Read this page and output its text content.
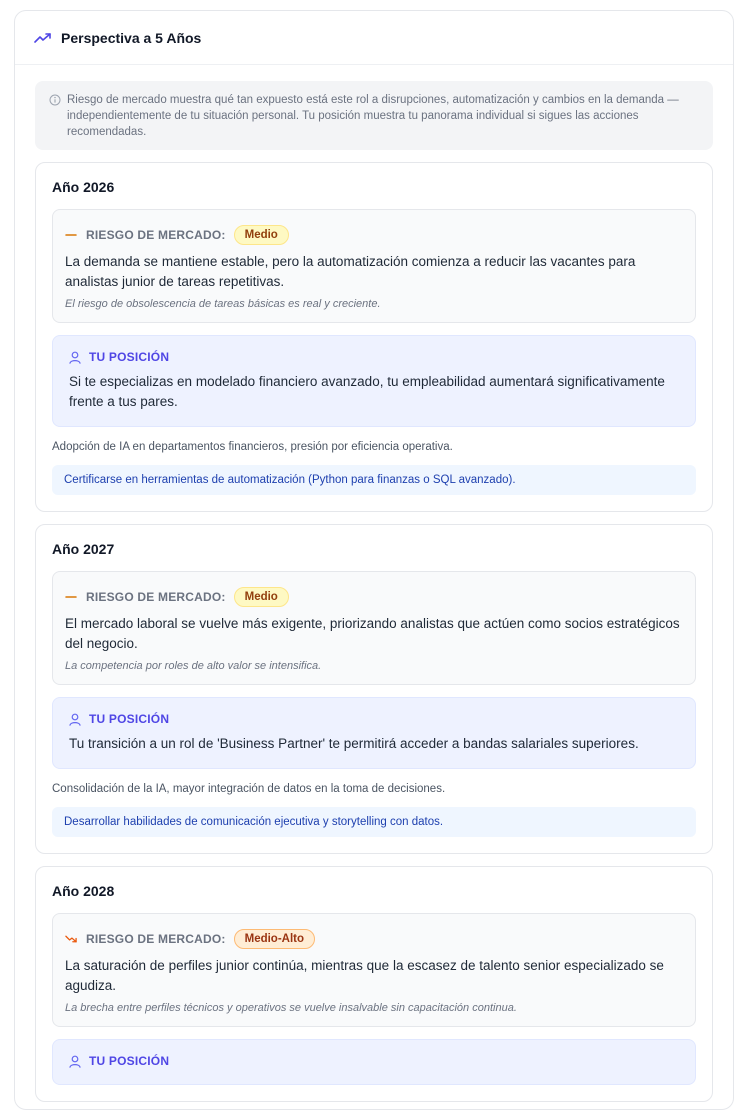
Perspectiva a 5 Años
Riesgo de mercado muestra qué tan expuesto está este rol a disrupciones, automatización y cambios en la demanda — independientemente de tu situación personal. Tu posición muestra tu panorama individual si sigues las acciones recomendadas.
Año 2026
RIESGO DE MERCADO:	Medio
La demanda se mantiene estable, pero la automatización comienza a reducir las vacantes para analistas junior de tareas repetitivas.
El riesgo de obsolescencia de tareas básicas es real y creciente.
TU POSICIÓN
Si te especializas en modelado financiero avanzado, tu empleabilidad aumentará significativamente frente a tus pares.
Adopción de IA en departamentos financieros, presión por eficiencia operativa.
Certificarse en herramientas de automatización (Python para finanzas o SQL avanzado).
Año 2027
RIESGO DE MERCADO:	Medio
El mercado laboral se vuelve más exigente, priorizando analistas que actúen como socios estratégicos del negocio.
La competencia por roles de alto valor se intensifica.
TU POSICIÓN
Tu transición a un rol de 'Business Partner' te permitirá acceder a bandas salariales superiores.
Consolidación de la IA, mayor integración de datos en la toma de decisiones.
Desarrollar habilidades de comunicación ejecutiva y storytelling con datos.
Año 2028
RIESGO DE MERCADO:	Medio-Alto
La saturación de perfiles junior continúa, mientras que la escasez de talento senior especializado se agudiza.
La brecha entre perfiles técnicos y operativos se vuelve insalvable sin capacitación continua.
TU POSICIÓN
